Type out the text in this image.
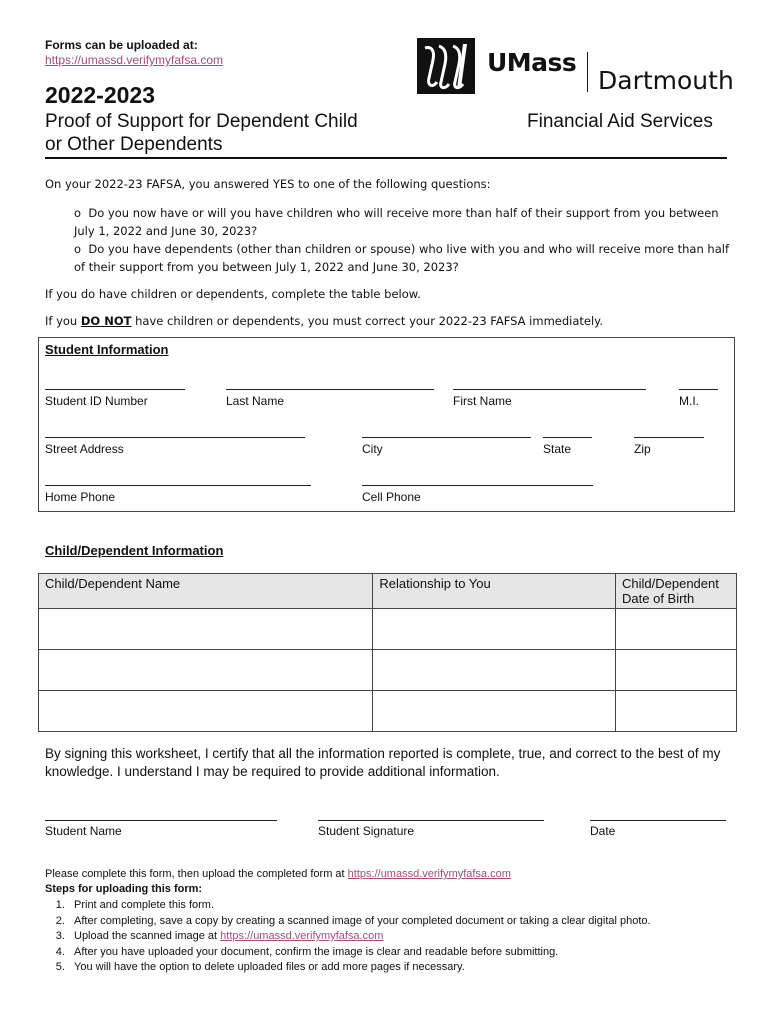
Forms can be uploaded at:
https://umassd.verifymyfafsa.com
2022-2023
Proof of Support for Dependent Child
or Other Dependents
UMass
Dartmouth
Financial Aid Services
On your 2022-23 FAFSA, you answered YES to one of the following questions:
o Do you now have or will you have children who will receive more than half of their support from you between July 1, 2022 and June 30, 2023?
o Do you have dependents (other than children or spouse) who live with you and who will receive more than half of their support from you between July 1, 2022 and June 30, 2023?
If you do have children or dependents, complete the table below.
If you DO NOT have children or dependents, you must correct your 2022-23 FAFSA immediately.
Student Information
Student ID Number	Last Name	First Name	M.I.
Street Address	City	State	Zip
Home Phone	Cell Phone
Child/Dependent Information
Child/Dependent Name	Relationship to You	Child/Dependent Date of Birth

By signing this worksheet, I certify that all the information reported is complete, true, and correct to the best of my knowledge. I understand I may be required to provide additional information.
Student Name	Student Signature	Date
Please complete this form, then upload the completed form at https://umassd.verifymyfafsa.com
Steps for uploading this form:
1. Print and complete this form.
2. After completing, save a copy by creating a scanned image of your completed document or taking a clear digital photo.
3. Upload the scanned image at https://umassd.verifymyfafsa.com
4. After you have uploaded your document, confirm the image is clear and readable before submitting.
5. You will have the option to delete uploaded files or add more pages if necessary.
